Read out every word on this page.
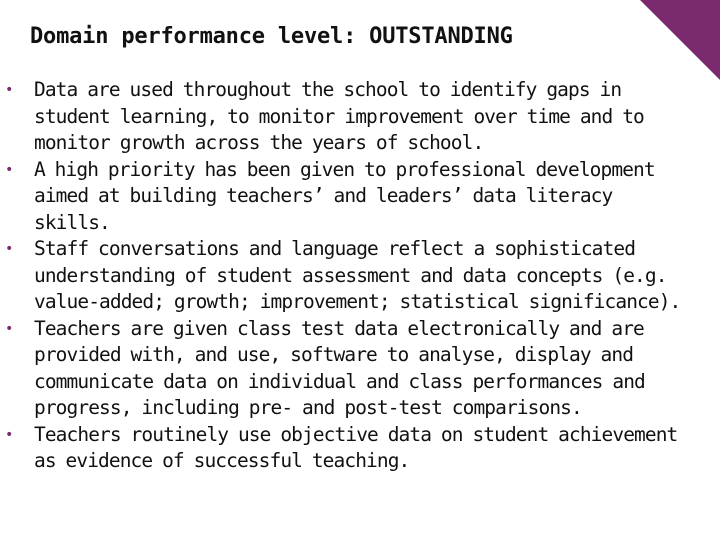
Domain performance level: OUTSTANDING
• Data are used throughout the school to identify gaps in student learning, to monitor improvement over time and to monitor growth across the years of school.
• A high priority has been given to professional development aimed at building teachers’ and leaders’ data literacy skills.
• Staff conversations and language reflect a sophisticated understanding of student assessment and data concepts (e.g. value-added; growth; improvement; statistical significance).
• Teachers are given class test data electronically and are provided with, and use, software to analyse, display and communicate data on individual and class performances and progress, including pre- and post-test comparisons.
• Teachers routinely use objective data on student achievement as evidence of successful teaching.
